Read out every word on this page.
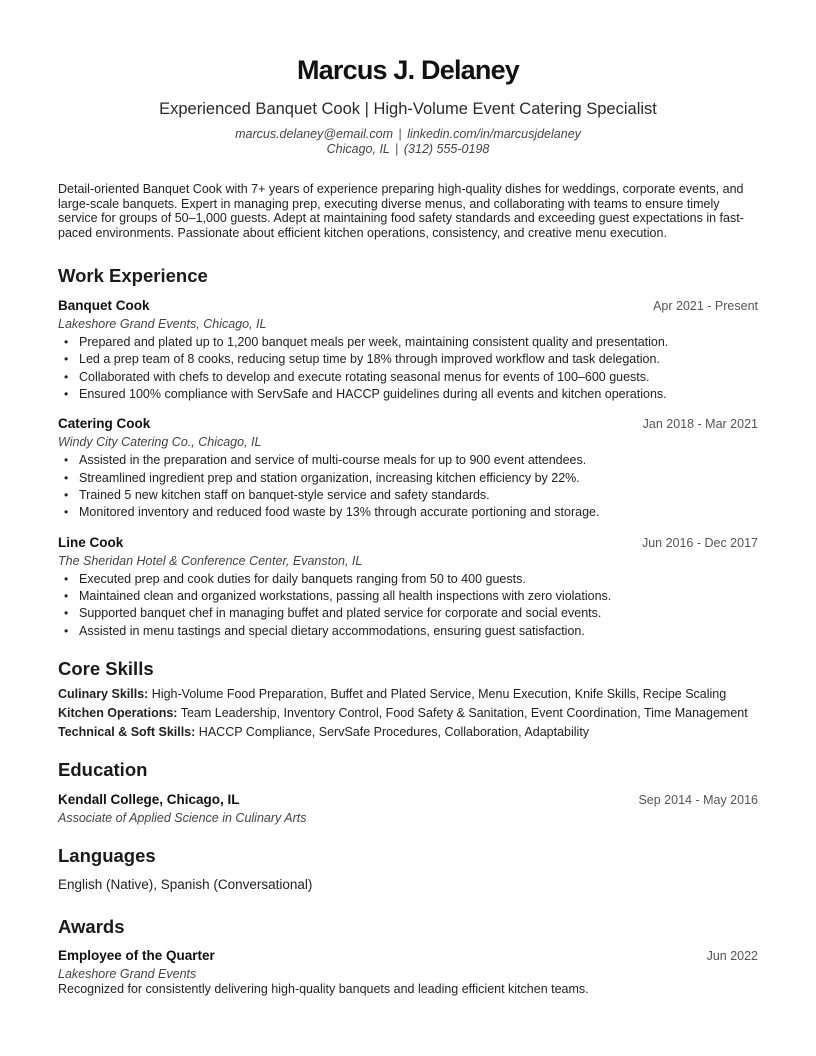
Marcus J. Delaney
Experienced Banquet Cook | High-Volume Event Catering Specialist
marcus.delaney@email.com | linkedin.com/in/marcusjdelaney
Chicago, IL | (312) 555-0198
Detail-oriented Banquet Cook with 7+ years of experience preparing high-quality dishes for weddings, corporate events, and large-scale banquets. Expert in managing prep, executing diverse menus, and collaborating with teams to ensure timely service for groups of 50–1,000 guests. Adept at maintaining food safety standards and exceeding guest expectations in fast-paced environments. Passionate about efficient kitchen operations, consistency, and creative menu execution.
Work Experience
Banquet Cook	Apr 2021 - Present
Lakeshore Grand Events, Chicago, IL
• Prepared and plated up to 1,200 banquet meals per week, maintaining consistent quality and presentation.
• Led a prep team of 8 cooks, reducing setup time by 18% through improved workflow and task delegation.
• Collaborated with chefs to develop and execute rotating seasonal menus for events of 100–600 guests.
• Ensured 100% compliance with ServSafe and HACCP guidelines during all events and kitchen operations.
Catering Cook	Jan 2018 - Mar 2021
Windy City Catering Co., Chicago, IL
• Assisted in the preparation and service of multi-course meals for up to 900 event attendees.
• Streamlined ingredient prep and station organization, increasing kitchen efficiency by 22%.
• Trained 5 new kitchen staff on banquet-style service and safety standards.
• Monitored inventory and reduced food waste by 13% through accurate portioning and storage.
Line Cook	Jun 2016 - Dec 2017
The Sheridan Hotel & Conference Center, Evanston, IL
• Executed prep and cook duties for daily banquets ranging from 50 to 400 guests.
• Maintained clean and organized workstations, passing all health inspections with zero violations.
• Supported banquet chef in managing buffet and plated service for corporate and social events.
• Assisted in menu tastings and special dietary accommodations, ensuring guest satisfaction.
Core Skills
Culinary Skills: High-Volume Food Preparation, Buffet and Plated Service, Menu Execution, Knife Skills, Recipe Scaling
Kitchen Operations: Team Leadership, Inventory Control, Food Safety & Sanitation, Event Coordination, Time Management
Technical & Soft Skills: HACCP Compliance, ServSafe Procedures, Collaboration, Adaptability
Education
Kendall College, Chicago, IL	Sep 2014 - May 2016
Associate of Applied Science in Culinary Arts
Languages
English (Native), Spanish (Conversational)
Awards
Employee of the Quarter	Jun 2022
Lakeshore Grand Events
Recognized for consistently delivering high-quality banquets and leading efficient kitchen teams.
